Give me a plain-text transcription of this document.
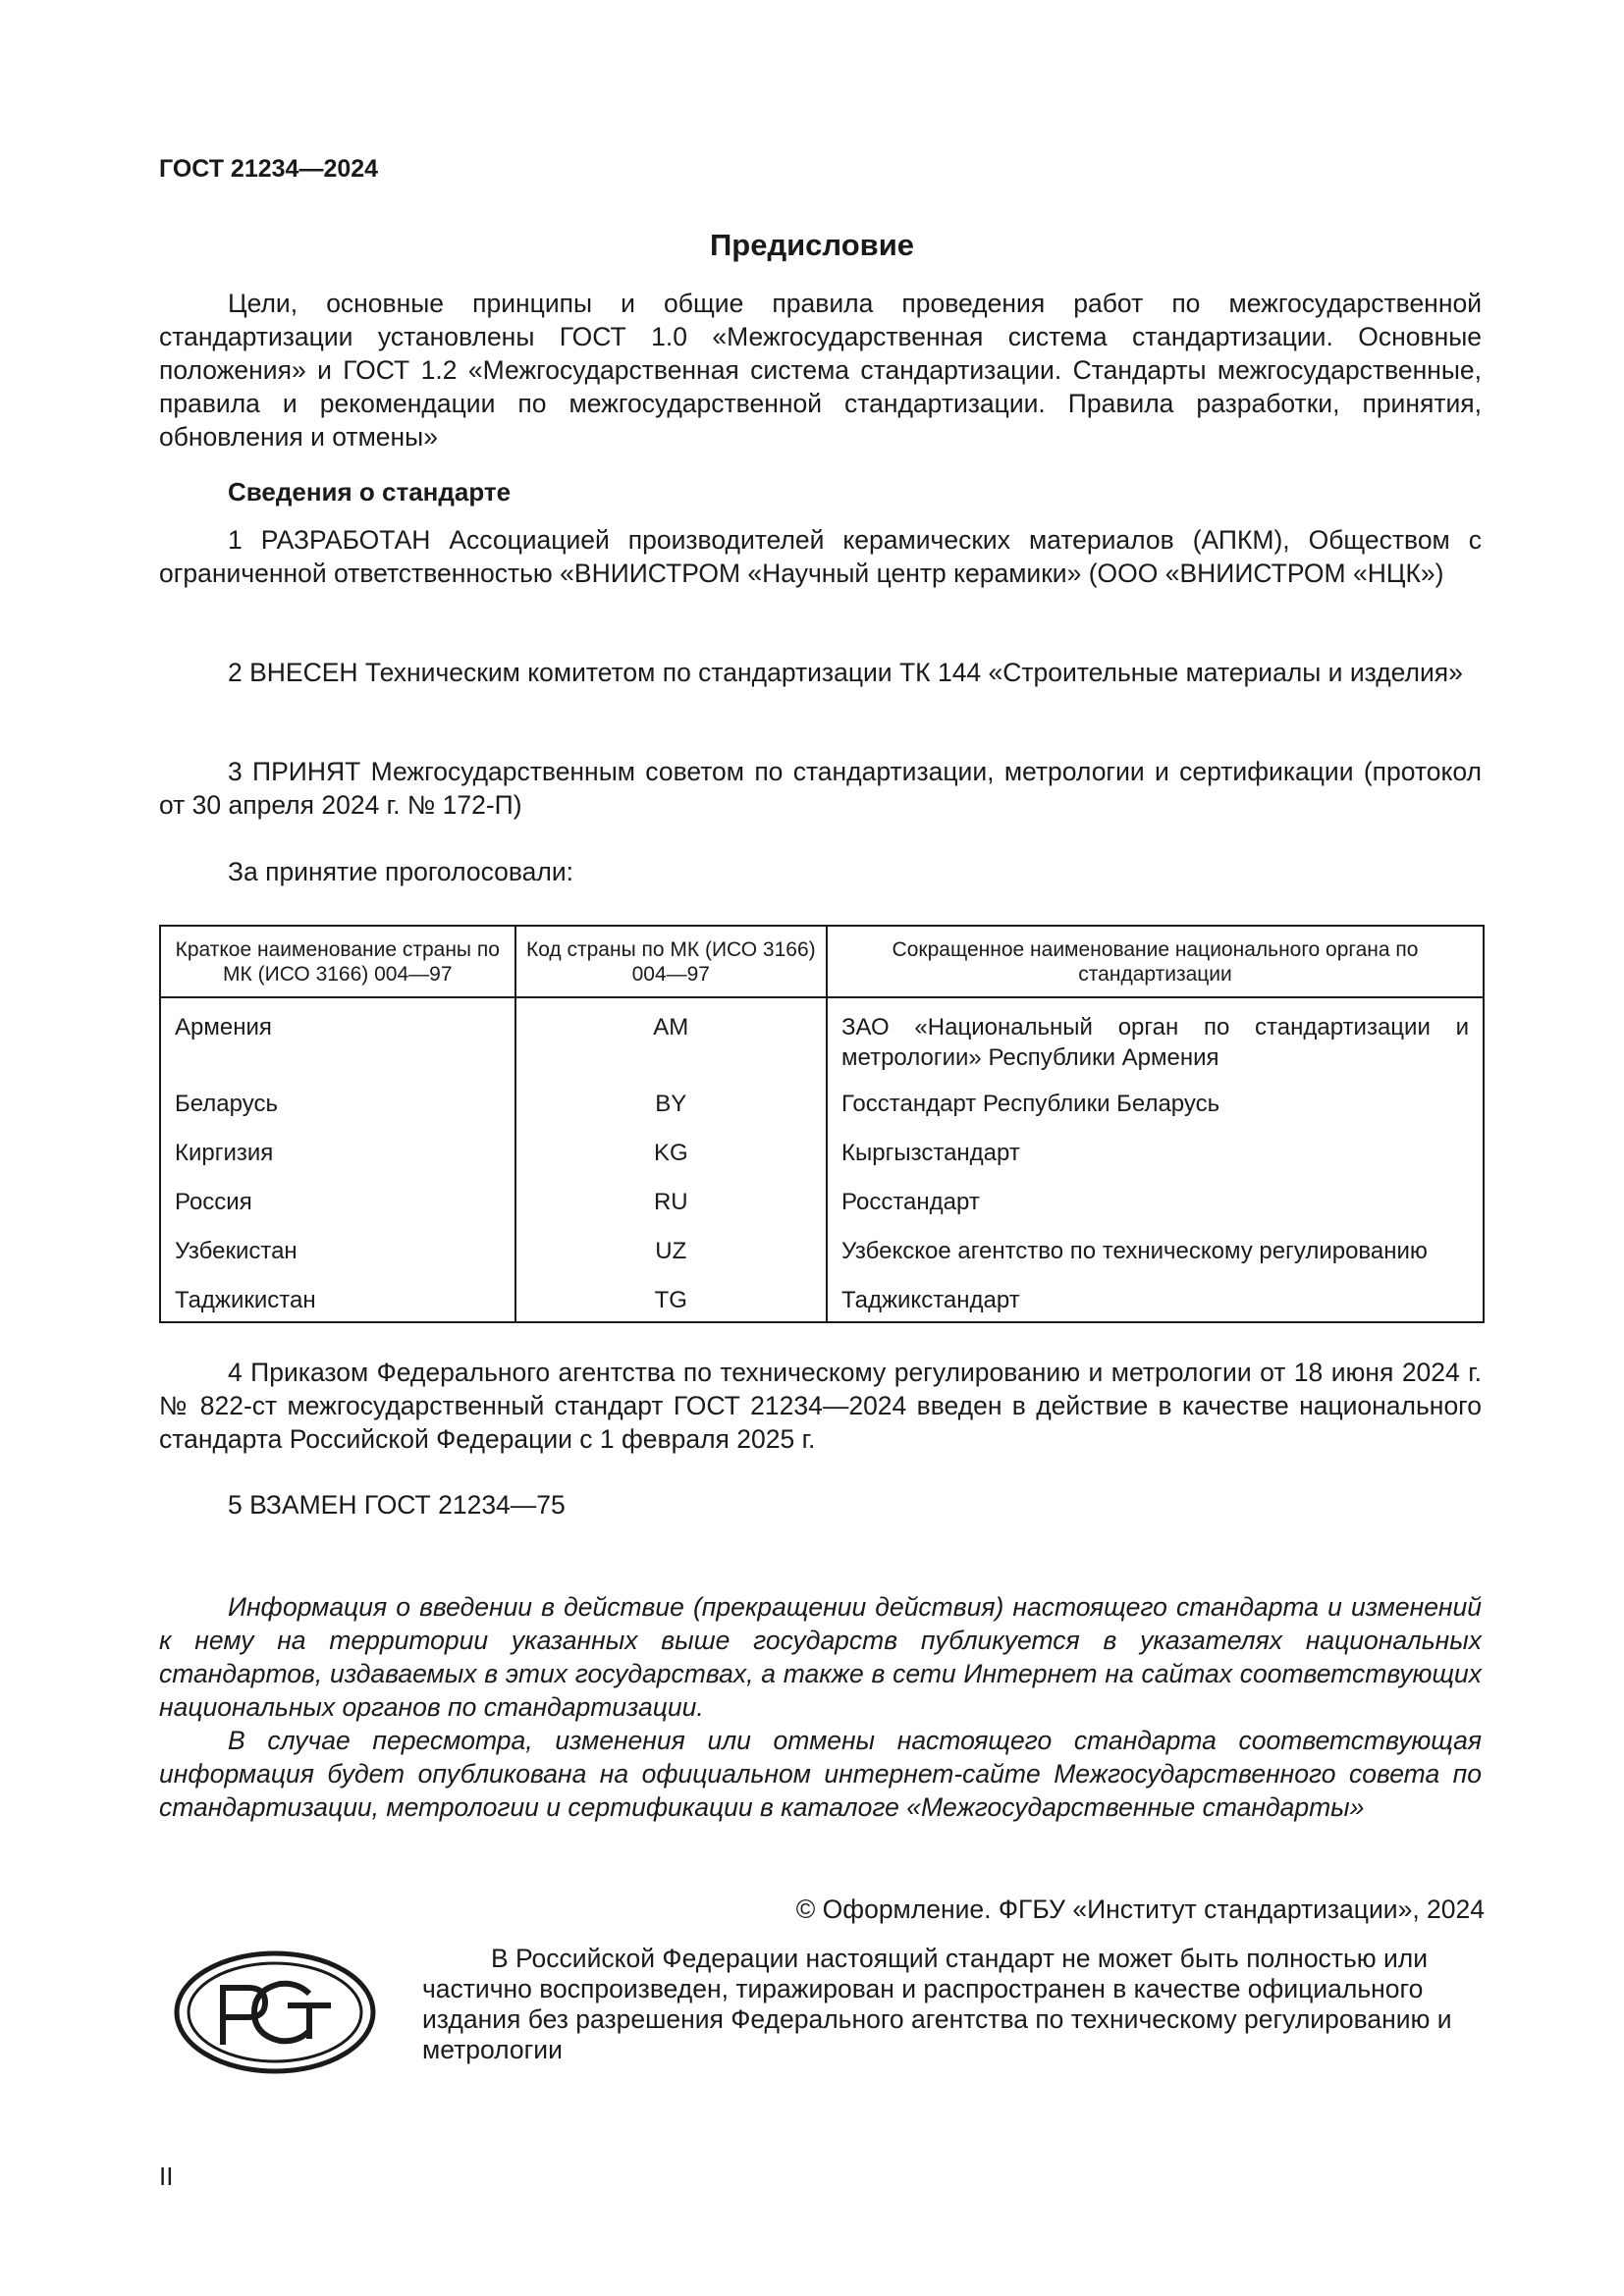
ГОСТ 21234—2024
Предисловие

Цели, основные принципы и общие правила проведения работ по межгосударственной стандартизации установлены ГОСТ 1.0 «Межгосударственная система стандартизации. Основные положения» и ГОСТ 1.2 «Межгосударственная система стандартизации. Стандарты межгосударственные, правила и рекомендации по межгосударственной стандартизации. Правила разработки, принятия, обновления и отмены»

Сведения о стандарте

1 РАЗРАБОТАН Ассоциацией производителей керамических материалов (АПКМ), Обществом с ограниченной ответственностью «ВНИИСТРОМ «Научный центр керамики» (ООО «ВНИИСТРОМ «НЦК»)

2 ВНЕСЕН Техническим комитетом по стандартизации ТК 144 «Строительные материалы и изделия»

3 ПРИНЯТ Межгосударственным советом по стандартизации, метрологии и сертификации (протокол от 30 апреля 2024 г. № 172-П)

За принятие проголосовали:
Краткое наименование страны по МК (ИСО 3166) 004—97	Код страны по МК (ИСО 3166) 004—97	Сокращенное наименование национального органа по стандартизации
Армения	AM	ЗАО «Национальный орган по стандартизации и метрологии» Республики Армения
Беларусь	BY	Госстандарт Республики Беларусь
Киргизия	KG	Кыргызстандарт
Россия	RU	Росстандарт
Узбекистан	UZ	Узбекское агентство по техническому регулированию
Таджикистан	TG	Таджикстандарт

4 Приказом Федерального агентства по техническому регулированию и метрологии от 18 июня 2024 г. № 822-ст межгосударственный стандарт ГОСТ 21234—2024 введен в действие в качестве национального стандарта Российской Федерации с 1 февраля 2025 г.

5 ВЗАМЕН ГОСТ 21234—75

Информация о введении в действие (прекращении действия) настоящего стандарта и изменений к нему на территории указанных выше государств публикуется в указателях национальных стандартов, издаваемых в этих государствах, а также в сети Интернет на сайтах соответствующих национальных органов по стандартизации.

В случае пересмотра, изменения или отмены настоящего стандарта соответствующая информация будет опубликована на официальном интернет-сайте Межгосударственного совета по стандартизации, метрологии и сертификации в каталоге «Межгосударственные стандарты»

© Оформление. ФГБУ «Институт стандартизации», 2024

В Российской Федерации настоящий стандарт не может быть полностью или частично воспроизведен, тиражирован и распространен в качестве официального издания без разрешения Федерального агентства по техническому регулированию и метрологии

II
